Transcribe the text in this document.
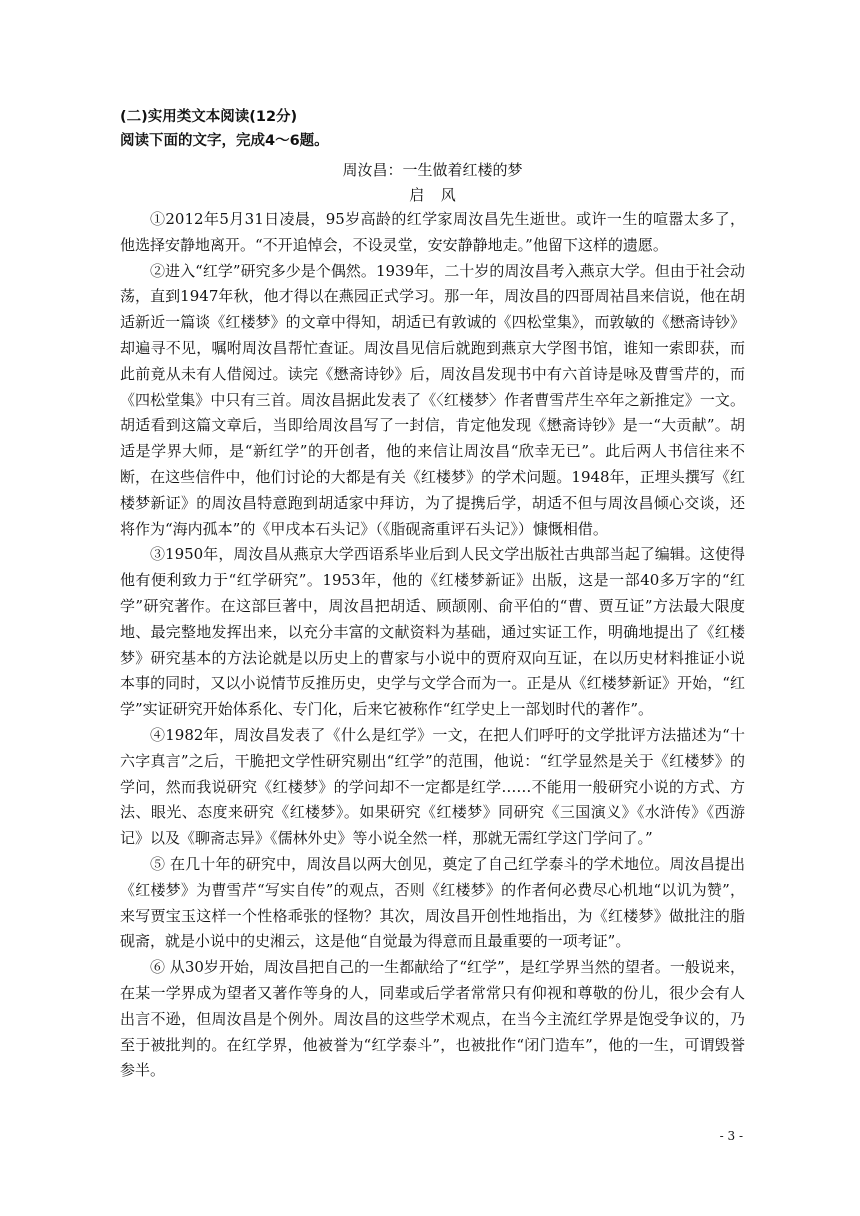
(二)实用类文本阅读(12分)

阅读下面的文字，完成4～6题。

周汝昌：一生做着红楼的梦

启风

①2012年5月31日凌晨，95岁高龄的红学家周汝昌先生逝世。或许一生的喧嚣太多了，他选择安静地离开。“不开追悼会，不设灵堂，安安静静地走。”他留下这样的遗愿。

②进入“红学”研究多少是个偶然。1939年，二十岁的周汝昌考入燕京大学。但由于社会动荡，直到1947年秋，他才得以在燕园正式学习。那一年，周汝昌的四哥周祜昌来信说，他在胡适新近一篇谈《红楼梦》的文章中得知，胡适已有敦诚的《四松堂集》，而敦敏的《懋斋诗钞》却遍寻不见，嘱咐周汝昌帮忙查证。周汝昌见信后就跑到燕京大学图书馆，谁知一索即获，而此前竟从未有人借阅过。读完《懋斋诗钞》后，周汝昌发现书中有六首诗是咏及曹雪芹的，而《四松堂集》中只有三首。周汝昌据此发表了《〈红楼梦〉作者曹雪芹生卒年之新推定》一文。胡适看到这篇文章后，当即给周汝昌写了一封信，肯定他发现《懋斋诗钞》是一“大贡献”。胡适是学界大师，是“新红学”的开创者，他的来信让周汝昌“欣幸无已”。此后两人书信往来不断，在这些信件中，他们讨论的大都是有关《红楼梦》的学术问题。1948年，正埋头撰写《红楼梦新证》的周汝昌特意跑到胡适家中拜访，为了提携后学，胡适不但与周汝昌倾心交谈，还将作为“海内孤本”的《甲戌本石头记》（《脂砚斋重评石头记》）慷慨相借。

③1950年，周汝昌从燕京大学西语系毕业后到人民文学出版社古典部当起了编辑。这使得他有便利致力于“红学研究”。1953年，他的《红楼梦新证》出版，这是一部40多万字的“红学”研究著作。在这部巨著中，周汝昌把胡适、顾颉刚、俞平伯的“曹、贾互证”方法最大限度地、最完整地发挥出来，以充分丰富的文献资料为基础，通过实证工作，明确地提出了《红楼梦》研究基本的方法论就是以历史上的曹家与小说中的贾府双向互证，在以历史材料推证小说本事的同时，又以小说情节反推历史，史学与文学合而为一。正是从《红楼梦新证》开始，“红学”实证研究开始体系化、专门化，后来它被称作“红学史上一部划时代的著作”。

④1982年，周汝昌发表了《什么是红学》一文，在把人们呼吁的文学批评方法描述为“十六字真言”之后，干脆把文学性研究剔出“红学”的范围，他说：“红学显然是关于《红楼梦》的学问，然而我说研究《红楼梦》的学问却不一定都是红学……不能用一般研究小说的方式、方法、眼光、态度来研究《红楼梦》。如果研究《红楼梦》同研究《三国演义》《水浒传》《西游记》以及《聊斋志异》《儒林外史》等小说全然一样，那就无需红学这门学问了。”

⑤ 在几十年的研究中，周汝昌以两大创见，奠定了自己红学泰斗的学术地位。周汝昌提出《红楼梦》为曹雪芹“写实自传”的观点，否则《红楼梦》的作者何必费尽心机地“以讥为赞”，来写贾宝玉这样一个性格乖张的怪物？其次，周汝昌开创性地指出，为《红楼梦》做批注的脂砚斋，就是小说中的史湘云，这是他“自觉最为得意而且最重要的一项考证”。

⑥ 从30岁开始，周汝昌把自己的一生都献给了“红学”，是红学界当然的望者。一般说来，在某一学界成为望者又著作等身的人，同辈或后学者常常只有仰视和尊敬的份儿，很少会有人出言不逊，但周汝昌是个例外。周汝昌的这些学术观点，在当今主流红学界是饱受争议的，乃至于被批判的。在红学界，他被誉为“红学泰斗”，也被批作“闭门造车”，他的一生，可谓毁誉参半。

- 3 -
